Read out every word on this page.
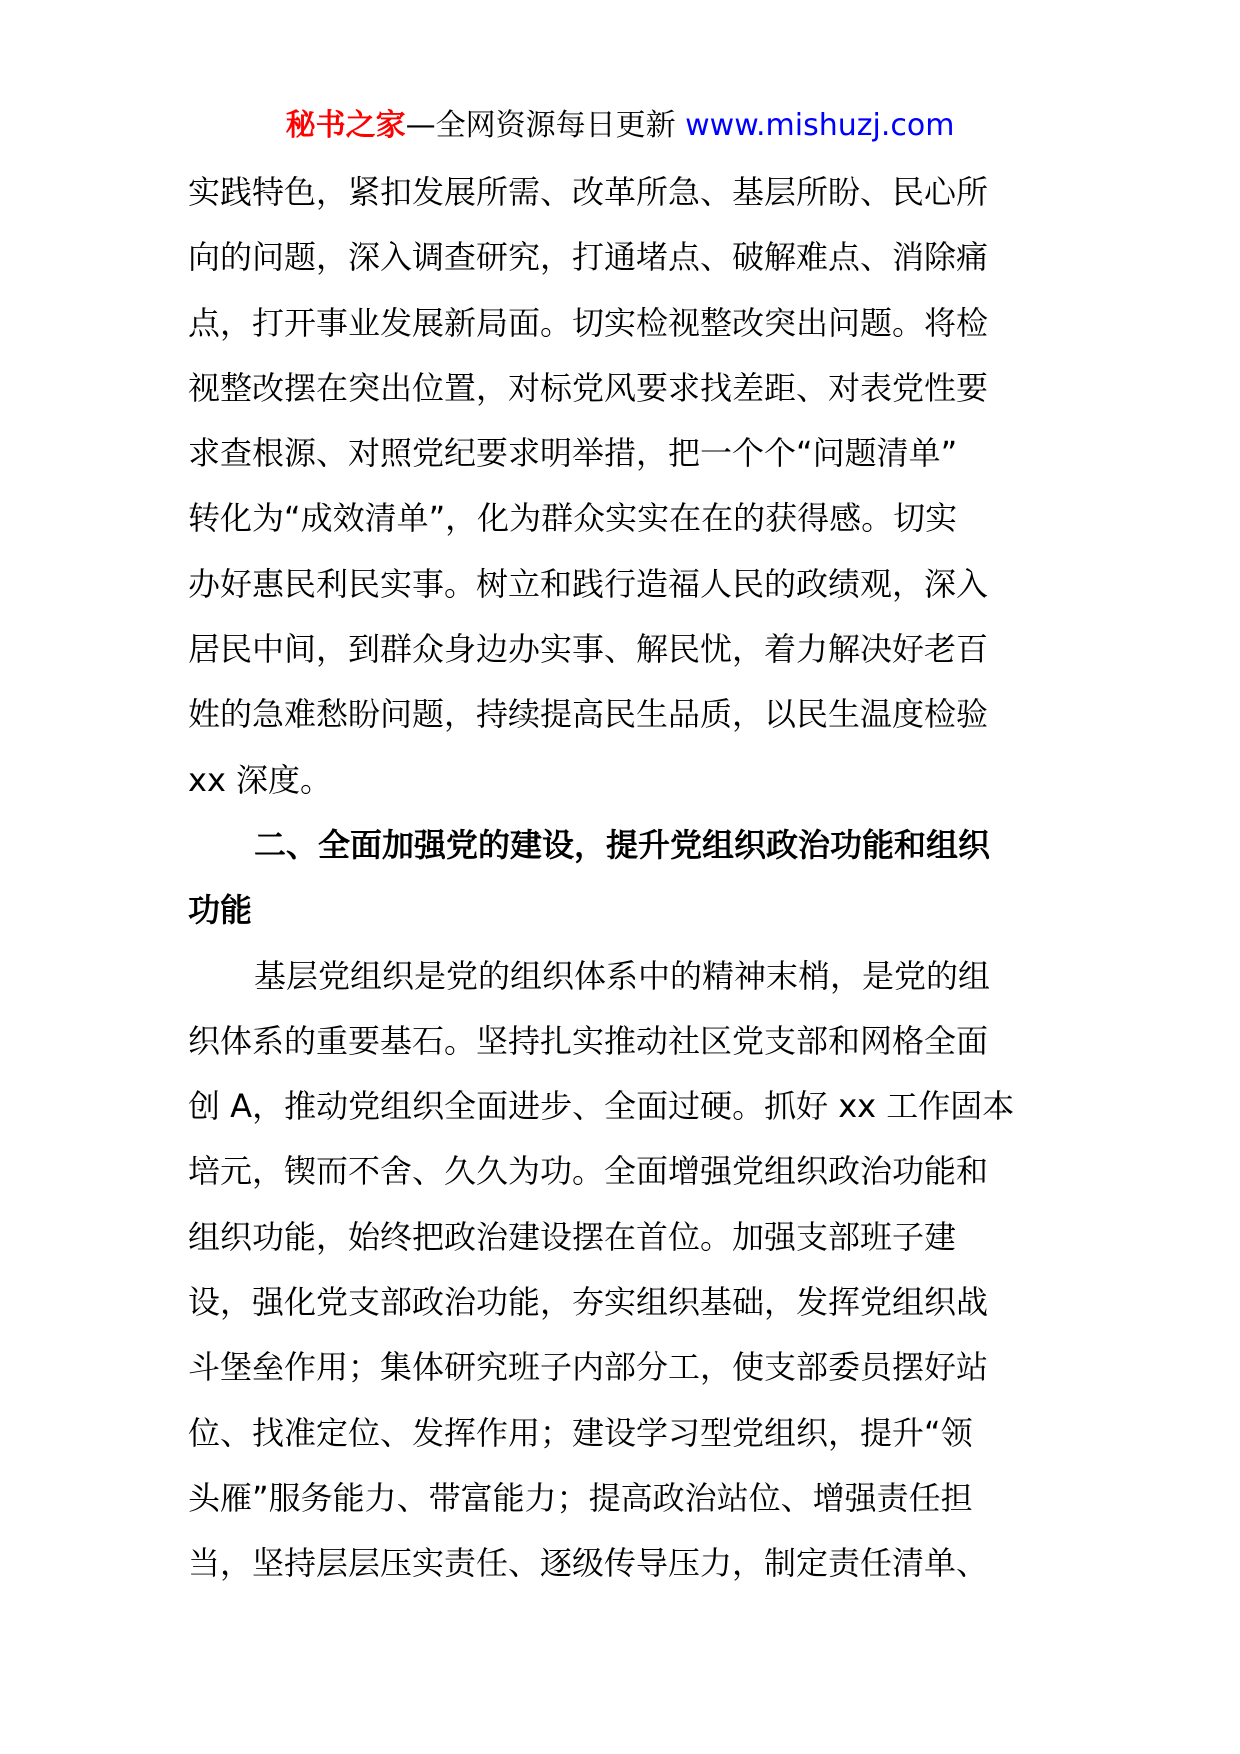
秘书之家—全网资源每日更新 www.mishuzj.com
实践特色，紧扣发展所需、改革所急、基层所盼、民心所
向的问题，深入调查研究，打通堵点、破解难点、消除痛
点，打开事业发展新局面。切实检视整改突出问题。将检
视整改摆在突出位置，对标党风要求找差距、对表党性要
求查根源、对照党纪要求明举措，把一个个“问题清单”
转化为“成效清单”，化为群众实实在在的获得感。切实
办好惠民利民实事。树立和践行造福人民的政绩观，深入
居民中间，到群众身边办实事、解民忧，着力解决好老百
姓的急难愁盼问题，持续提高民生品质，以民生温度检验
xx 深度。
二、全面加强党的建设，提升党组织政治功能和组织
功能
基层党组织是党的组织体系中的精神末梢，是党的组
织体系的重要基石。坚持扎实推动社区党支部和网格全面
创 A，推动党组织全面进步、全面过硬。抓好 xx 工作固本
培元，锲而不舍、久久为功。全面增强党组织政治功能和
组织功能，始终把政治建设摆在首位。加强支部班子建
设，强化党支部政治功能，夯实组织基础，发挥党组织战
斗堡垒作用；集体研究班子内部分工，使支部委员摆好站
位、找准定位、发挥作用；建设学习型党组织，提升“领
头雁”服务能力、带富能力；提高政治站位、增强责任担
当，坚持层层压实责任、逐级传导压力，制定责任清单、
